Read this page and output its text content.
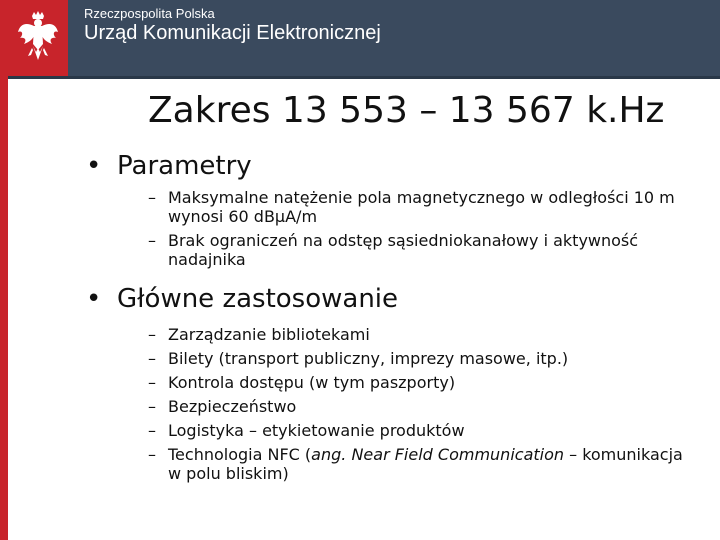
Rzeczpospolita Polska
Urząd Komunikacji Elektronicznej
Zakres 13 553 – 13 567 k.Hz
• Parametry
– Maksymalne natężenie pola magnetycznego w odległości 10 m wynosi 60 dBµA/m
– Brak ograniczeń na odstęp sąsiedniokanałowy i aktywność nadajnika
• Główne zastosowanie
– Zarządzanie bibliotekami
– Bilety (transport publiczny, imprezy masowe, itp.)
– Kontrola dostępu (w tym paszporty)
– Bezpieczeństwo
– Logistyka – etykietowanie produktów
– Technologia NFC (ang. Near Field Communication – komunikacja w polu bliskim)
